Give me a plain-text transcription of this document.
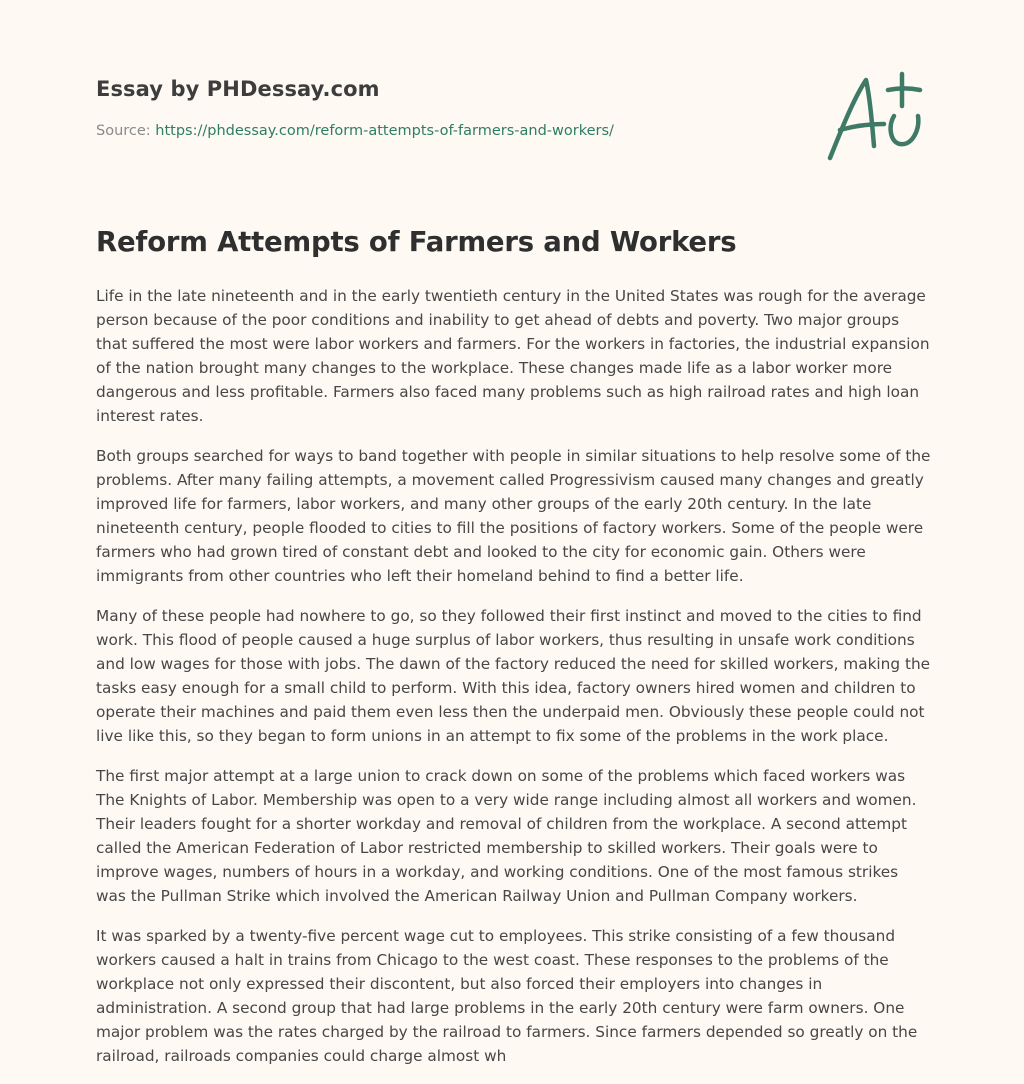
Essay by PHDessay.com
Source: https://phdessay.com/reform-attempts-of-farmers-and-workers/
Reform Attempts of Farmers and Workers

Life in the late nineteenth and in the early twentieth century in the United States was rough for the average person because of the poor conditions and inability to get ahead of debts and poverty. Two major groups that suffered the most were labor workers and farmers. For the workers in factories, the industrial expansion of the nation brought many changes to the workplace. These changes made life as a labor worker more dangerous and less profitable. Farmers also faced many problems such as high railroad rates and high loan interest rates.

Both groups searched for ways to band together with people in similar situations to help resolve some of the problems. After many failing attempts, a movement called Progressivism caused many changes and greatly improved life for farmers, labor workers, and many other groups of the early 20th century. In the late nineteenth century, people flooded to cities to fill the positions of factory workers. Some of the people were farmers who had grown tired of constant debt and looked to the city for economic gain. Others were immigrants from other countries who left their homeland behind to find a better life.

Many of these people had nowhere to go, so they followed their first instinct and moved to the cities to find work. This flood of people caused a huge surplus of labor workers, thus resulting in unsafe work conditions and low wages for those with jobs. The dawn of the factory reduced the need for skilled workers, making the tasks easy enough for a small child to perform. With this idea, factory owners hired women and children to operate their machines and paid them even less then the underpaid men. Obviously these people could not live like this, so they began to form unions in an attempt to fix some of the problems in the work place.

The first major attempt at a large union to crack down on some of the problems which faced workers was The Knights of Labor. Membership was open to a very wide range including almost all workers and women. Their leaders fought for a shorter workday and removal of children from the workplace. A second attempt called the American Federation of Labor restricted membership to skilled workers. Their goals were to improve wages, numbers of hours in a workday, and working conditions. One of the most famous strikes was the Pullman Strike which involved the American Railway Union and Pullman Company workers.

It was sparked by a twenty-five percent wage cut to employees. This strike consisting of a few thousand workers caused a halt in trains from Chicago to the west coast. These responses to the problems of the workplace not only expressed their discontent, but also forced their employers into changes in administration. A second group that had large problems in the early 20th century were farm owners. One major problem was the rates charged by the railroad to farmers. Since farmers depended so greatly on the railroad, railroads companies could charge almost wh
